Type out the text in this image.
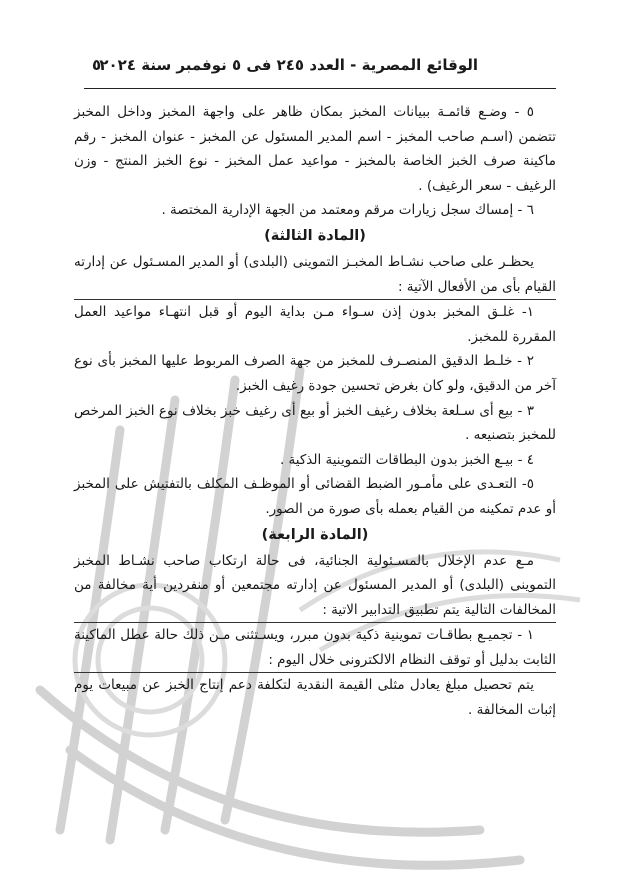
الوقائع المصرية - العدد ٢٤٥ فى ٥ نوفمبر سنة ٢٠٢٤
٥

٥ - وضـع قائمـة ببيانات المخبز بمكان ظاهر على واجهة المخبز وداخل المخبز تتضمن (اسـم صاحب المخبز - اسم المدير المسئول عن المخبز - عنوان المخبز - رقم ماكينة صرف الخبز الخاصة بالمخبز - مواعيد عمل المخبز - نوع الخبز المنتج - وزن الرغيف - سعر الرغيف) .

٦ - إمساك سجل زيارات مرقم ومعتمد من الجهة الإدارية المختصة .

(المادة الثالثة)

يحظـر على صاحب نشـاط المخبـز التموينى (البلدى) أو المدير المسـئول عن إدارته القيام بأى من الأفعال الآتية :

١- غلـق المخبز بدون إذن سـواء مـن بداية اليوم أو قبل انتهـاء مواعيد العمل المقررة للمخبز.

٢ - خلـط الدقيق المنصـرف للمخبز من جهة الصرف المربوط عليها المخبز بأى نوع آخر من الدقيق، ولو كان بغرض تحسين جودة رغيف الخبز.

٣ - بيع أى سـلعة بخلاف رغيف الخبز أو بيع أى رغيف خبز بخلاف نوع الخبز المرخص للمخبز بتصنيعه .

٤ - بيـع الخبز بدون البطاقات التموينية الذكية .

٥- التعـدى على مأمـور الضبط القضائى أو الموظـف المكلف بالتفتيش على المخبز أو عدم تمكينه من القيام بعمله بأى صورة من الصور.

(المادة الرابعة)

مـع عدم الإخلال بالمسـئولية الجنائية، فى حالة ارتكاب صاحب نشـاط المخبز التموينى (البلدى) أو المدير المسئول عن إدارته مجتمعين أو منفردين أية مخالفة من المخالفات التالية يتم تطبيق التدابير الاتية :

١ - تجميـع بطاقـات تموينية ذكية بدون مبرر، ويسـتثنى مـن ذلك حالة عطل الماكينة الثابت بدليل أو توقف النظام الالكترونى خلال اليوم :

يتم تحصيل مبلغ يعادل مثلى القيمة النقدية لتكلفة دعم إنتاج الخبز عن مبيعات يوم إثبات المخالفة .
